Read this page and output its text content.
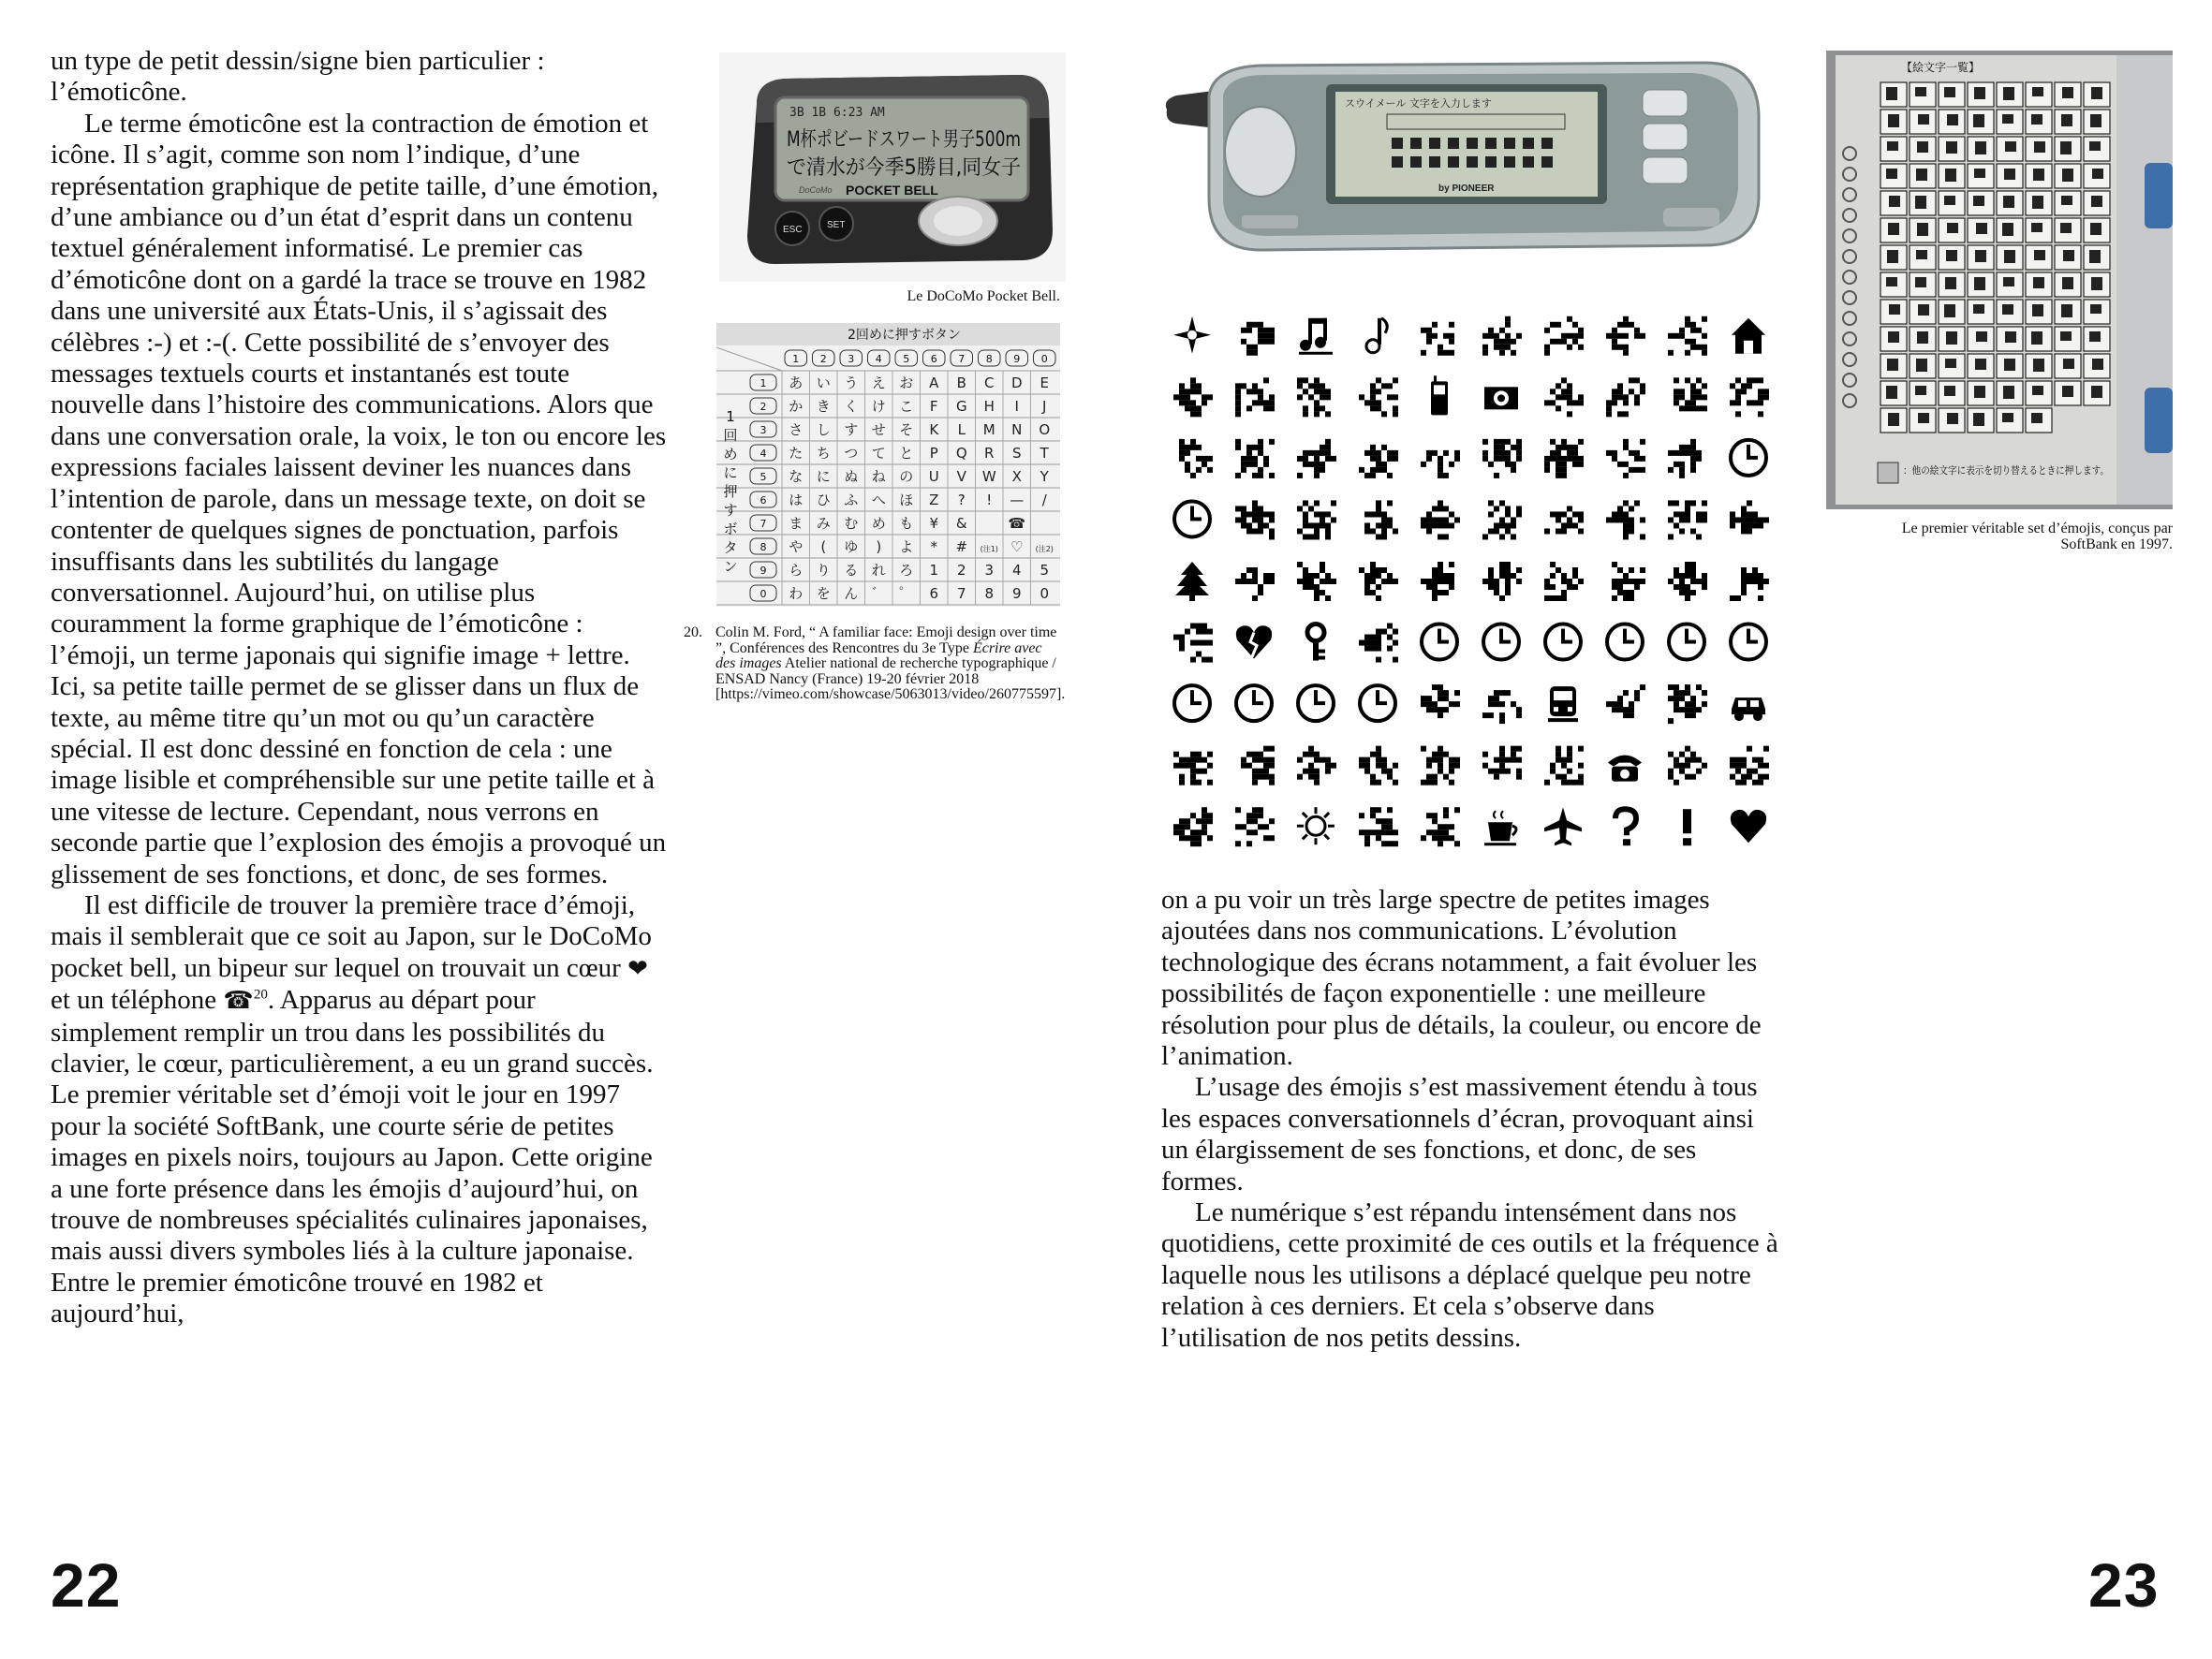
un type de petit dessin/signe bien particulier : l’émoticône.

Le terme émoticône est la contraction de émotion et icône. Il s’agit, comme son nom l’indique, d’une représentation graphique de petite taille, d’une émotion, d’une ambiance ou d’un état d’esprit dans un contenu textuel généralement informatisé. Le premier cas d’émoticône dont on a gardé la trace se trouve en 1982 dans une université aux États-Unis, il s’agissait des célèbres :-) et :-(. Cette possibilité de s’envoyer des messages textuels courts et instantanés est toute nouvelle dans l’histoire des communications. Alors que dans une conversation orale, la voix, le ton ou encore les expressions faciales laissent deviner les nuances dans l’intention de parole, dans un message texte, on doit se contenter de quelques signes de ponctuation, parfois insuffisants dans les subtilités du langage conversationnel. Aujourd’hui, on utilise plus couramment la forme graphique de l’émoticône : l’émoji, un terme japonais qui signifie image + lettre. Ici, sa petite taille permet de se glisser dans un flux de texte, au même titre qu’un mot ou qu’un caractère spécial. Il est donc dessiné en fonction de cela : une image lisible et compréhensible sur une petite taille et à une vitesse de lecture. Cependant, nous verrons en seconde partie que l’explosion des émojis a provoqué un glissement de ses fonctions, et donc, de ses formes.

Il est difficile de trouver la première trace d’émoji, mais il semblerait que ce soit au Japon, sur le DoCoMo pocket bell, un bipeur sur lequel on trouvait un cœur ❤ et un téléphone ☎$^{20}$. Apparus au départ pour simplement remplir un trou dans les possibilités du clavier, le cœur, particulièrement, a eu un grand succès. Le premier véritable set d’émoji voit le jour en 1997 pour la société SoftBank, une courte série de petites images en pixels noirs, toujours au Japon. Cette origine a une forte présence dans les émojis d’aujourd’hui, on trouve de nombreuses spécialités culinaires japonaises, mais aussi divers symboles liés à la culture japonaise. Entre le premier émoticône trouvé en 1982 et aujourd’hui,

22
3B 1B 6:23 AM
M杯ポビードスワート男子500m
で清水が今季5勝目,同女子
DoCoMo POCKET BELL
ESC	SET
Le DoCoMo Pocket Bell.
2回めに押すボタン
1 2 3 4 5 6 7 8 9 0
1 あ い う え お A B C D E
2 か き く け こ F G H I J
3 さ し す せ そ K L M N O
4 た ち つ て と P Q R S T
5 な に ぬ ね の U V W X Y
6 は ひ ふ へ ほ Z ? ! — /
7 ま み む め も ¥ &	☎
8 や ( ゆ ) よ * # (注1) ♡ (注2)
9 ら り る れ ろ 1 2 3 4 5
0 わ を ん ゛ ゜ 6 7 8 9 0
1
回
め
に
押
す
ボ
タ
ン
20. Colin M. Ford, “ A familiar face: Emoji design over time ”, Conférences des Rencontres du 3e Type Écrire avec des images Atelier national de recherche typographique / ENSAD Nancy (France) 19-20 février 2018 [https://vimeo.com/showcase/5063013/video/260775597].
スウイメール 文字を入力します
by PIONEER
【絵文字一覧】
：他の絵文字に表示を切り替えるときに押します。
Le premier véritable set d’émojis, conçus par
SoftBank en 1997.

on a pu voir un très large spectre de petites images ajoutées dans nos communications. L’évolution technologique des écrans notamment, a fait évoluer les possibilités de façon exponentielle : une meilleure résolution pour plus de détails, la couleur, ou encore de l’animation.

L’usage des émojis s’est massivement étendu à tous les espaces conversationnels d’écran, provoquant ainsi un élargissement de ses fonctions, et donc, de ses formes.

Le numérique s’est répandu intensément dans nos quotidiens, cette proximité de ces outils et la fréquence à laquelle nous les utilisons a déplacé quelque peu notre relation à ces derniers. Et cela s’observe dans l’utilisation de nos petits dessins.

23
